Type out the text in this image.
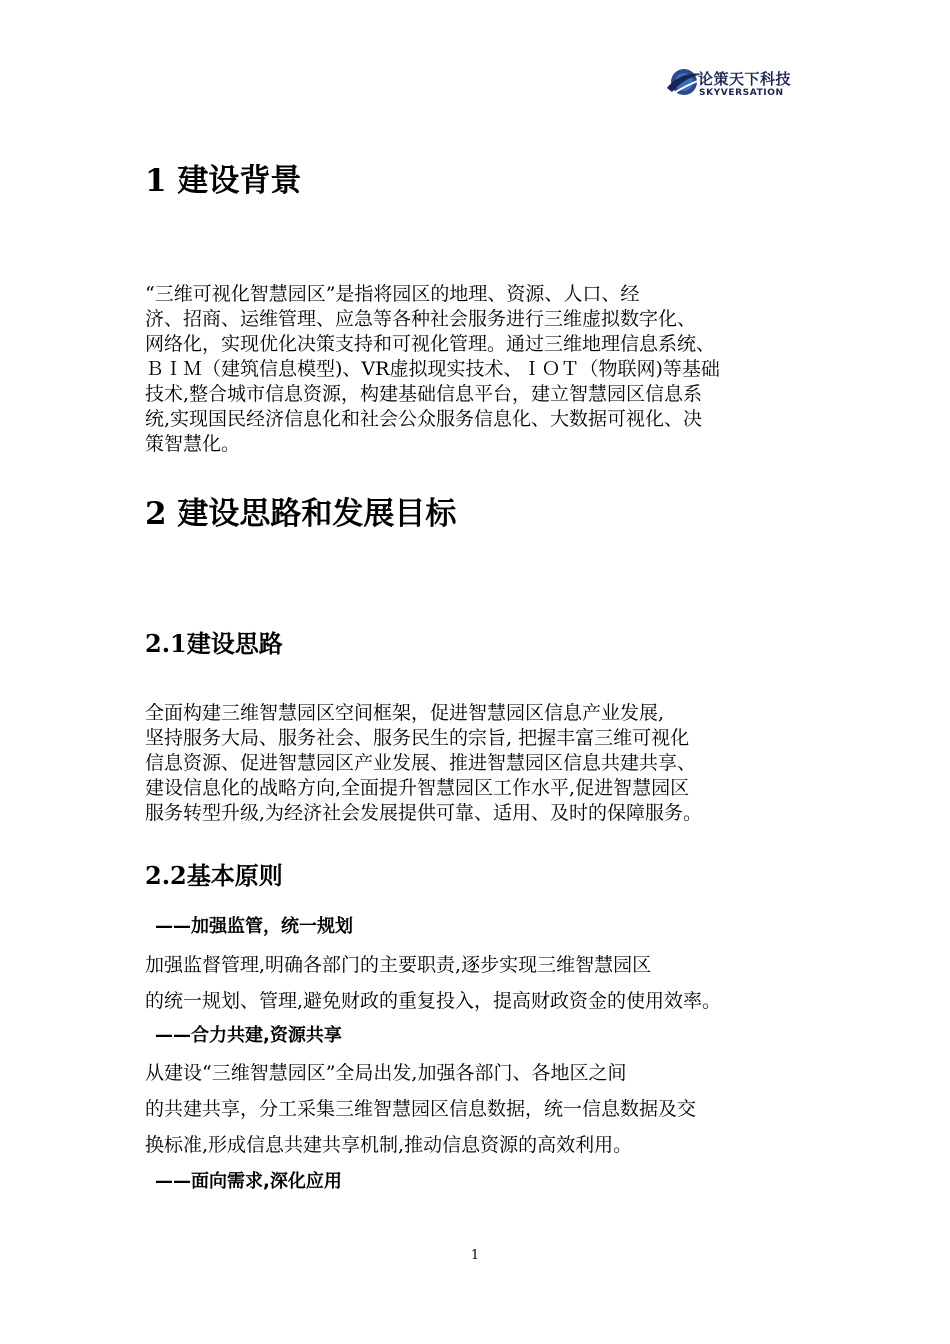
论策天下科技
SKYVERSATION
1 建设背景
“三维可视化智慧园区”是指将园区的地理、资源、人口、经
济、招商、运维管理、应急等各种社会服务进行三维虚拟数字化、
网络化，实现优化决策支持和可视化管理。通过三维地理信息系统、
ＢＩＭ（建筑信息模型)、VR虚拟现实技术、ＩＯＴ（物联网)等基础
技术,整合城市信息资源，构建基础信息平台，建立智慧园区信息系
统,实现国民经济信息化和社会公众服务信息化、大数据可视化、决
策智慧化。
2 建设思路和发展目标
2.1建设思路
全面构建三维智慧园区空间框架，促进智慧园区信息产业发展,
坚持服务大局、服务社会、服务民生的宗旨, 把握丰富三维可视化
信息资源、促进智慧园区产业发展、推进智慧园区信息共建共享、
建设信息化的战略方向,全面提升智慧园区工作水平,促进智慧园区
服务转型升级,为经济社会发展提供可靠、适用、及时的保障服务。
2.2基本原则
——加强监管，统一规划
加强监督管理,明确各部门的主要职责,逐步实现三维智慧园区
的统一规划、管理,避免财政的重复投入，提高财政资金的使用效率。
——合力共建,资源共享
从建设“三维智慧园区”全局出发,加强各部门、各地区之间
的共建共享，分工采集三维智慧园区信息数据，统一信息数据及交
换标准,形成信息共建共享机制,推动信息资源的高效利用。
——面向需求,深化应用
1
